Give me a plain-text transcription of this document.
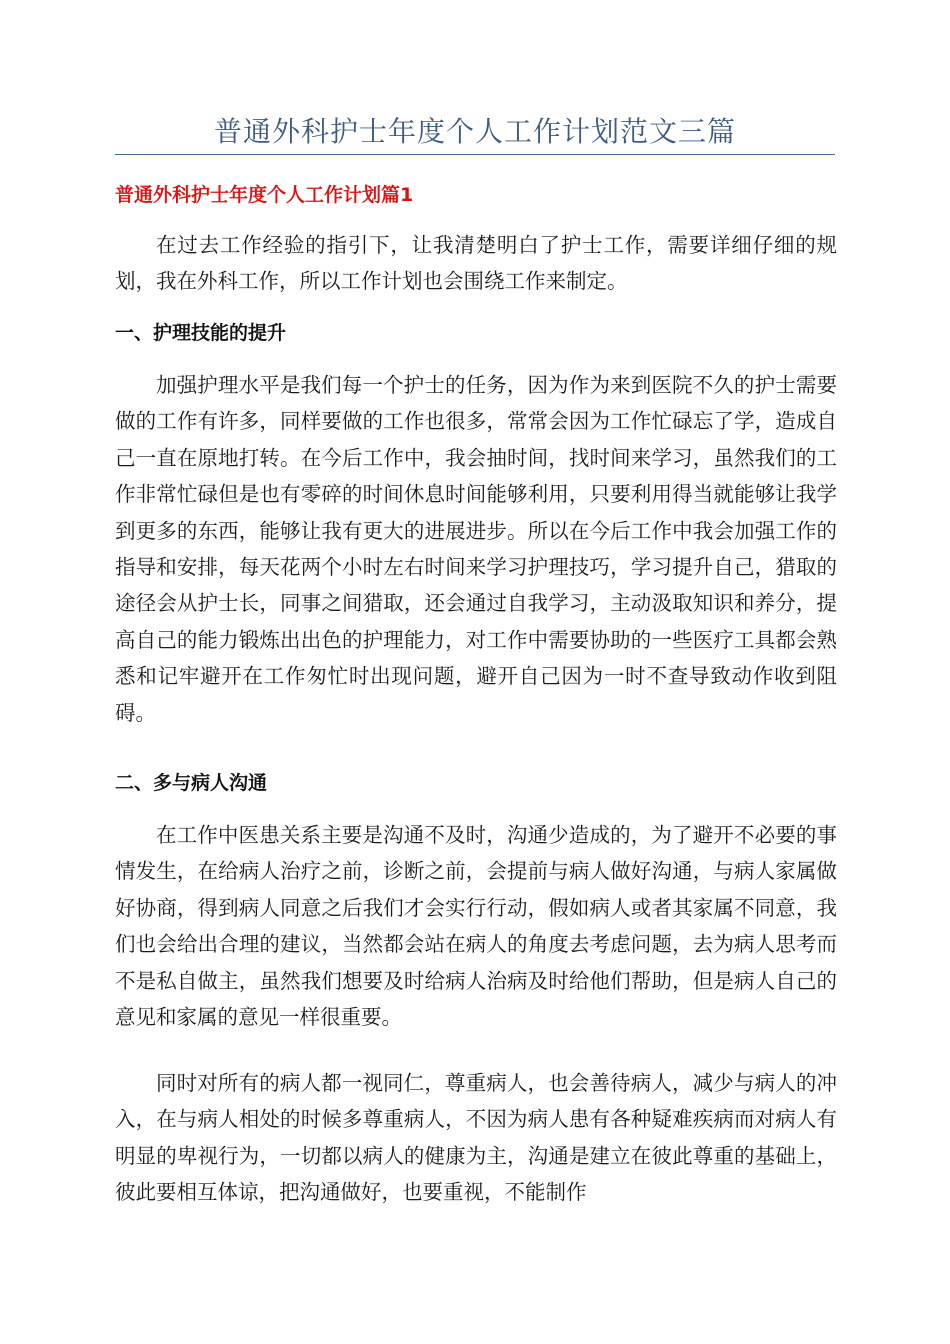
普通外科护士年度个人工作计划范文三篇
普通外科护士年度个人工作计划篇1

在过去工作经验的指引下，让我清楚明白了护士工作，需要详细仔细的规划，我在外科工作，所以工作计划也会围绕工作来制定。

一、护理技能的提升

加强护理水平是我们每一个护士的任务，因为作为来到医院不久的护士需要做的工作有许多，同样要做的工作也很多，常常会因为工作忙碌忘了学，造成自己一直在原地打转。在今后工作中，我会抽时间，找时间来学习，虽然我们的工作非常忙碌但是也有零碎的时间休息时间能够利用，只要利用得当就能够让我学到更多的东西，能够让我有更大的进展进步。所以在今后工作中我会加强工作的指导和安排，每天花两个小时左右时间来学习护理技巧，学习提升自己，猎取的途径会从护士长，同事之间猎取，还会通过自我学习，主动汲取知识和养分，提高自己的能力锻炼出出色的护理能力，对工作中需要协助的一些医疗工具都会熟悉和记牢避开在工作匆忙时出现问题，避开自己因为一时不查导致动作收到阻碍。

二、多与病人沟通

在工作中医患关系主要是沟通不及时，沟通少造成的，为了避开不必要的事情发生，在给病人治疗之前，诊断之前，会提前与病人做好沟通，与病人家属做好协商，得到病人同意之后我们才会实行行动，假如病人或者其家属不同意，我们也会给出合理的建议，当然都会站在病人的角度去考虑问题，去为病人思考而不是私自做主，虽然我们想要及时给病人治病及时给他们帮助，但是病人自己的意见和家属的意见一样很重要。

同时对所有的病人都一视同仁，尊重病人，也会善待病人，减少与病人的冲入，在与病人相处的时候多尊重病人，不因为病人患有各种疑难疾病而对病人有明显的卑视行为，一切都以病人的健康为主，沟通是建立在彼此尊重的基础上，彼此要相互体谅，把沟通做好，也要重视，不能制作
